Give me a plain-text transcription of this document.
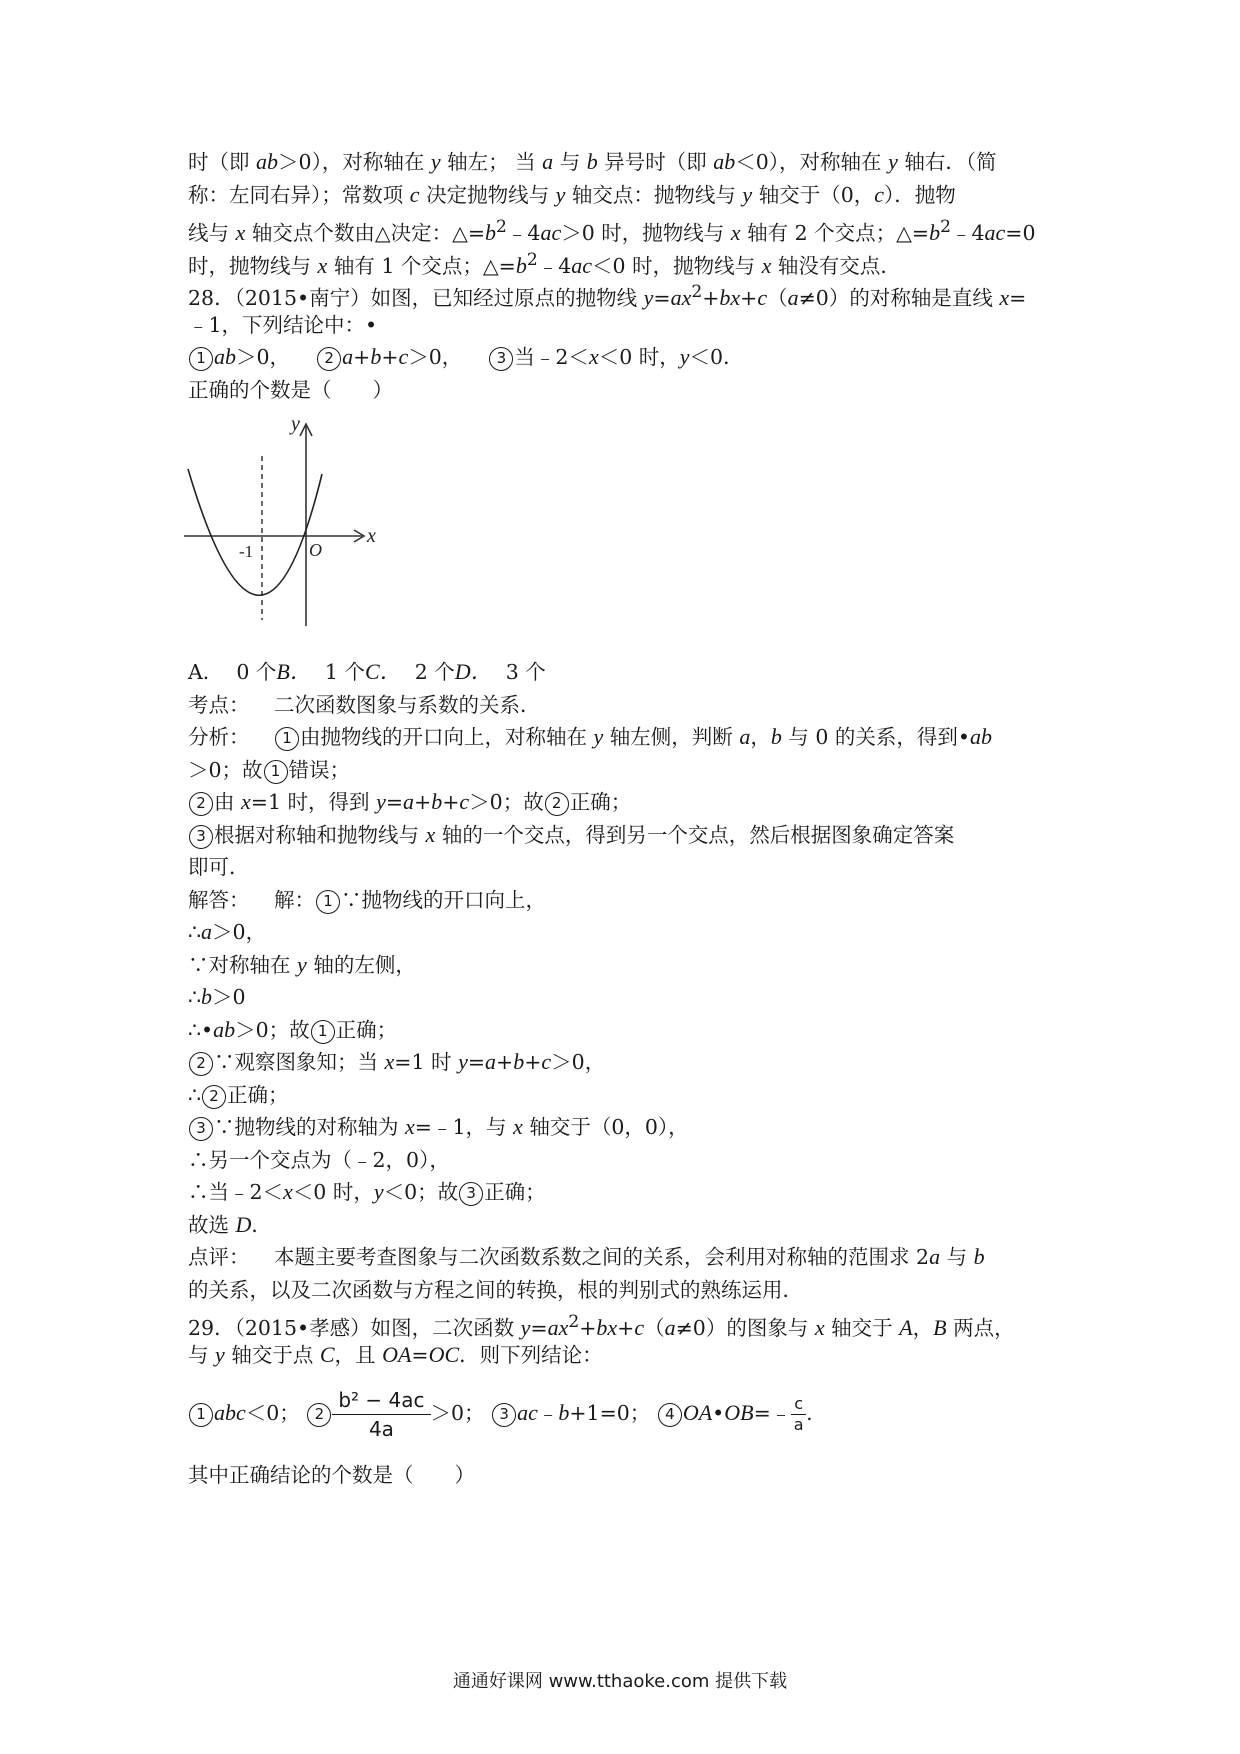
时（即 ab＞0），对称轴在 y 轴左； 当 a 与 b 异号时（即 ab＜0），对称轴在 y 轴右．（简
称：左同右异）；常数项 c 决定抛物线与 y 轴交点：抛物线与 y 轴交于（0，c）．抛物
线与 x 轴交点个数由△决定：$\triangle=b^2﹣4ac>0$ 时，抛物线与 x 轴有 2 个交点；$\triangle=b^2﹣4ac=0$
时，抛物线与 x 轴有 1 个交点；$\triangle=b^2﹣4ac<0$ 时，抛物线与 x 轴没有交点．
28．（2015•南宁）如图，已知经过原点的抛物线 $y=ax^2+bx+c(a\ne 0)$的对称轴是直线 x=
﹣1，下列结论中：•
1 ab＞0， 2 a+b+c＞0， 3 当﹣2＜x＜0 时，y＜0．
正确的个数是（　　）
y
x
-1	O
A． 0 个B． 1 个C． 2 个D． 3 个
考点： 二次函数图象与系数的关系．
分析： 1 由抛物线的开口向上，对称轴在 y 轴左侧，判断 a，b 与 0 的关系，得到•ab
＞0；故 1 错误；
2 由 x=1 时，得到 y=a+b+c＞0；故 2 正确；
3 根据对称轴和抛物线与 x 轴的一个交点，得到另一个交点，然后根据图象确定答案
即可．
解答： 解： 1 ∵抛物线的开口向上，
∴a＞0，
∵对称轴在 y 轴的左侧，
∴b＞0
∴•ab＞0；故 1 正确；
2 ∵观察图象知；当 x=1 时 y=a+b+c＞0，
∴ 2 正确；
3 ∵抛物线的对称轴为 x=﹣1，与 x 轴交于（0，0），
∴另一个交点为（﹣2，0），
∴当﹣2＜x＜0 时，y＜0；故 3 正确；
故选 D．
点评： 本题主要考查图象与二次函数系数之间的关系，会利用对称轴的范围求 2a 与 b
的关系，以及二次函数与方程之间的转换，根的判别式的熟练运用．
29．（2015•孝感）如图，二次函数 $y=ax^2+bx+c(a\ne 0)$的图象与 x 轴交于 A，B 两点，
与 y 轴交于点 C，且 OA=OC．则下列结论：
1 abc＜0； $2 \frac{\text{b² − 4ac}}{4a} >0$； 3 ac﹣b+1=0； 4 OA•OB=﹣ $\frac{c}{a}$ .
其中正确结论的个数是（　　）
通通好课网 www.tthaoke.com 提供下载
